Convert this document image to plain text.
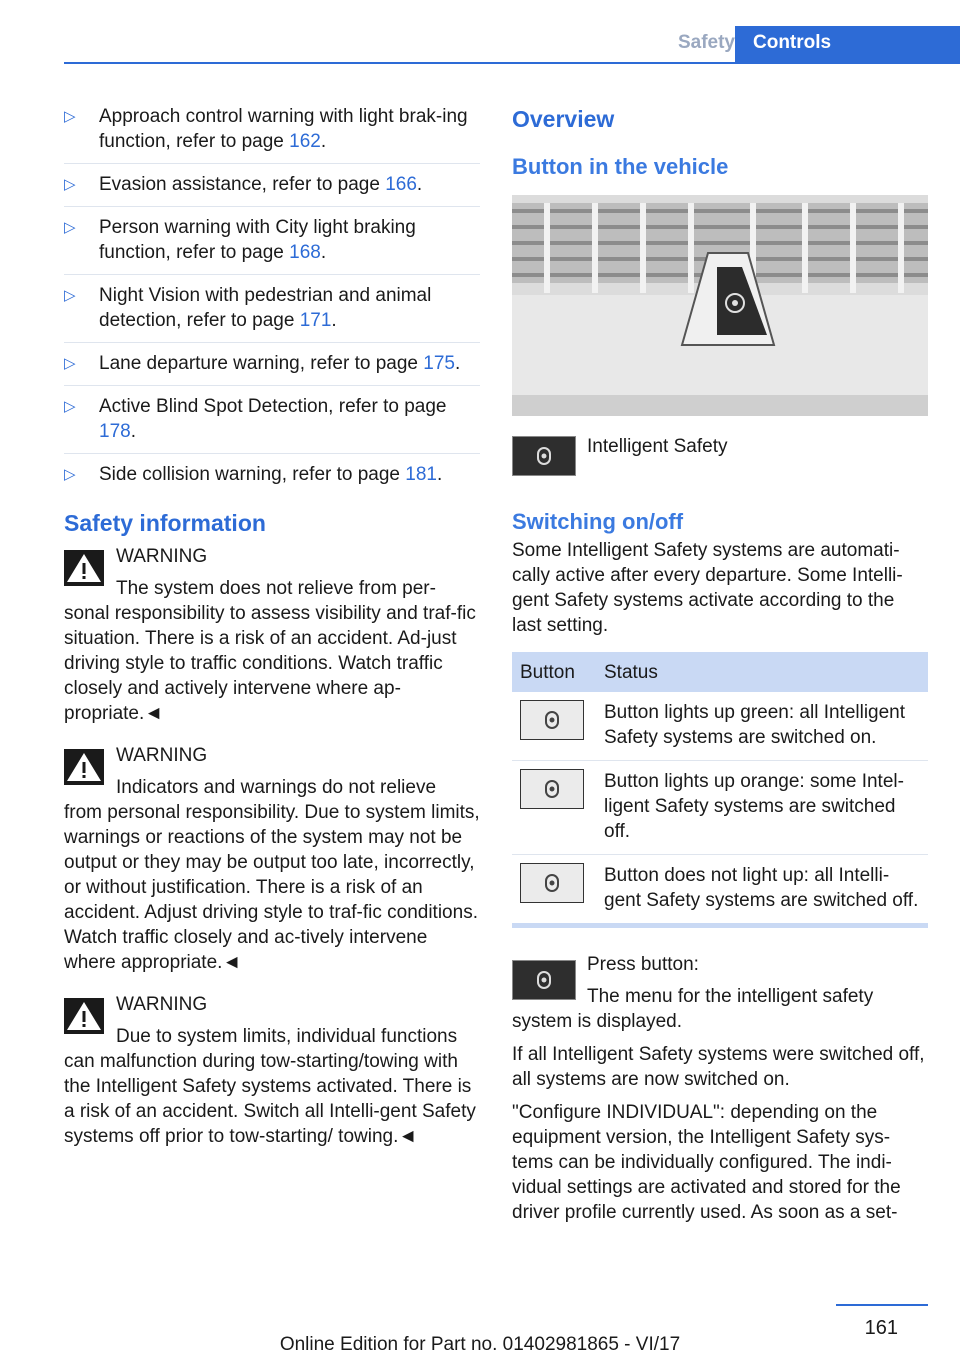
Safety Controls
▷ Approach control warning with light brak-ing function, refer to page 162.
▷ Evasion assistance, refer to page 166.
▷ Person warning with City light braking function, refer to page 168.
▷ Night Vision with pedestrian and animal detection, refer to page 171.
▷ Lane departure warning, refer to page 175.
▷ Active Blind Spot Detection, refer to page 178.
▷ Side collision warning, refer to page 181.
Safety information
WARNING
The system does not relieve from per-
sonal responsibility to assess visibility and traf-fic situation. There is a risk of an accident. Ad-just driving style to traffic conditions. Watch traffic closely and actively intervene where ap-propriate.◄
WARNING
Indicators and warnings do not relieve
from personal responsibility. Due to system limits, warnings or reactions of the system may not be output or they may be output too late, incorrectly, or without justification. There is a risk of an accident. Adjust driving style to traf-fic conditions. Watch traffic closely and ac-tively intervene where appropriate.◄
WARNING
Due to system limits, individual functions
can malfunction during tow-starting/towing with the Intelligent Safety systems activated. There is a risk of an accident. Switch all Intelli-gent Safety systems off prior to tow-starting/ towing.◄
Overview
Button in the vehicle

Intelligent Safety

Switching on/off

Some Intelligent Safety systems are automati-cally active after every departure. Some Intelli-gent Safety systems activate according to the last setting.

Button	Status

	Button lights up green: all Intelligent Safety systems are switched on.

	Button lights up orange: some Intel-ligent Safety systems are switched off.

	Button does not light up: all Intelli-gent Safety systems are switched off.

Press button:

The menu for the intelligent safety

system is displayed.

If all Intelligent Safety systems were switched off, all systems are now switched on.

"Configure INDIVIDUAL": depending on the equipment version, the Intelligent Safety sys-tems can be individually configured. The indi-vidual settings are activated and stored for the driver profile currently used. As soon as a set-

161
Online Edition for Part no. 01402981865 - VI/17
